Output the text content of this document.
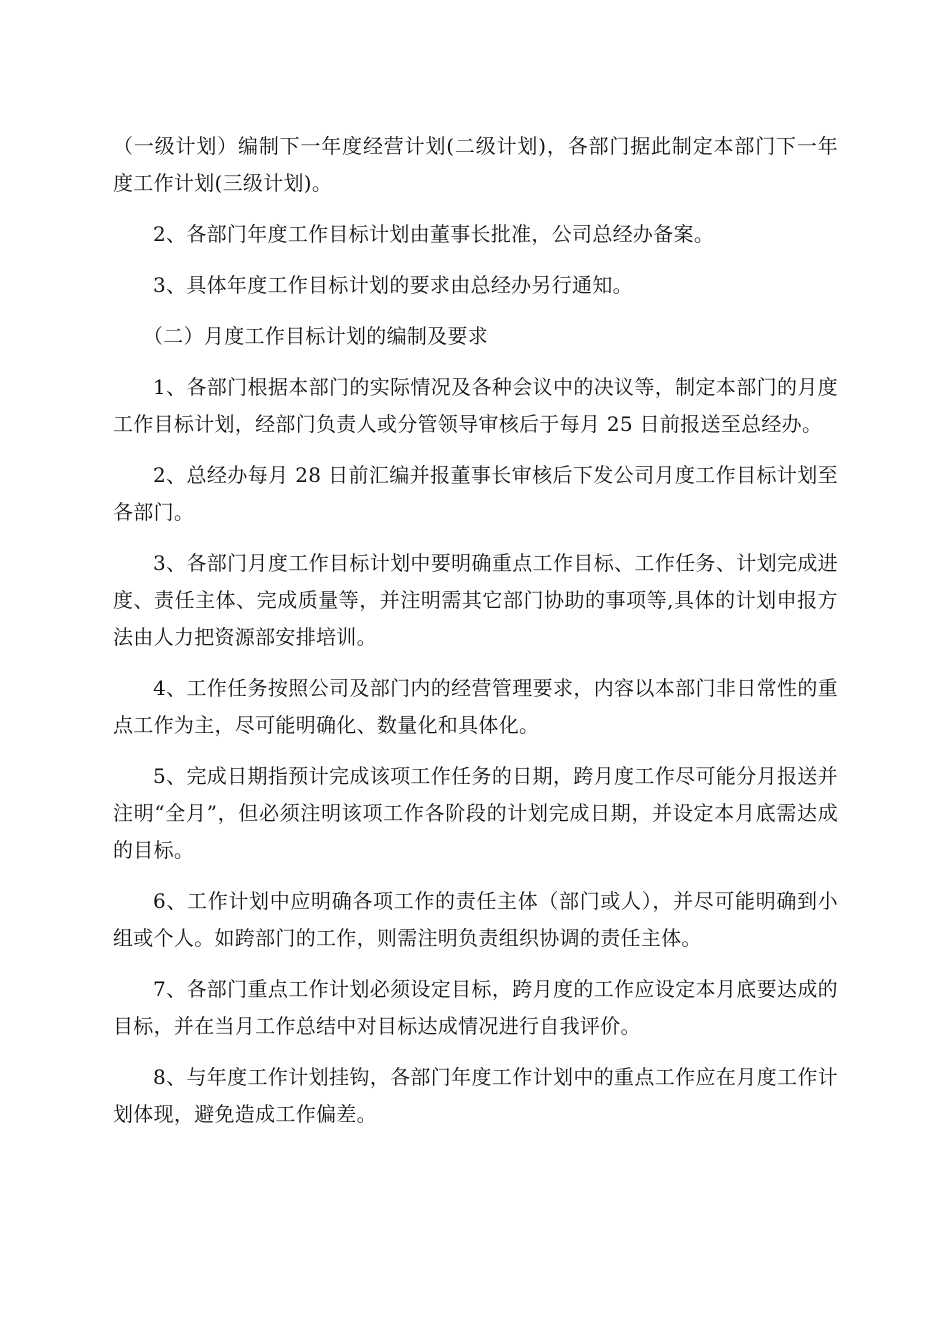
（一级计划）编制下一年度经营计划(二级计划)，各部门据此制定本部门下一年度工作计划(三级计划)。

2、各部门年度工作目标计划由董事长批准，公司总经办备案。

3、具体年度工作目标计划的要求由总经办另行通知。

（二）月度工作目标计划的编制及要求

1、各部门根据本部门的实际情况及各种会议中的决议等，制定本部门的月度工作目标计划，经部门负责人或分管领导审核后于每月 25 日前报送至总经办。

2、总经办每月 28 日前汇编并报董事长审核后下发公司月度工作目标计划至各部门。

3、各部门月度工作目标计划中要明确重点工作目标、工作任务、计划完成进度、责任主体、完成质量等，并注明需其它部门协助的事项等,具体的计划申报方法由人力把资源部安排培训。

4、工作任务按照公司及部门内的经营管理要求，内容以本部门非日常性的重点工作为主，尽可能明确化、数量化和具体化。

5、完成日期指预计完成该项工作任务的日期，跨月度工作尽可能分月报送并注明“全月”，但必须注明该项工作各阶段的计划完成日期，并设定本月底需达成的目标。

6、工作计划中应明确各项工作的责任主体（部门或人），并尽可能明确到小组或个人。如跨部门的工作，则需注明负责组织协调的责任主体。

7、各部门重点工作计划必须设定目标，跨月度的工作应设定本月底要达成的目标，并在当月工作总结中对目标达成情况进行自我评价。

8、与年度工作计划挂钩，各部门年度工作计划中的重点工作应在月度工作计划体现，避免造成工作偏差。
